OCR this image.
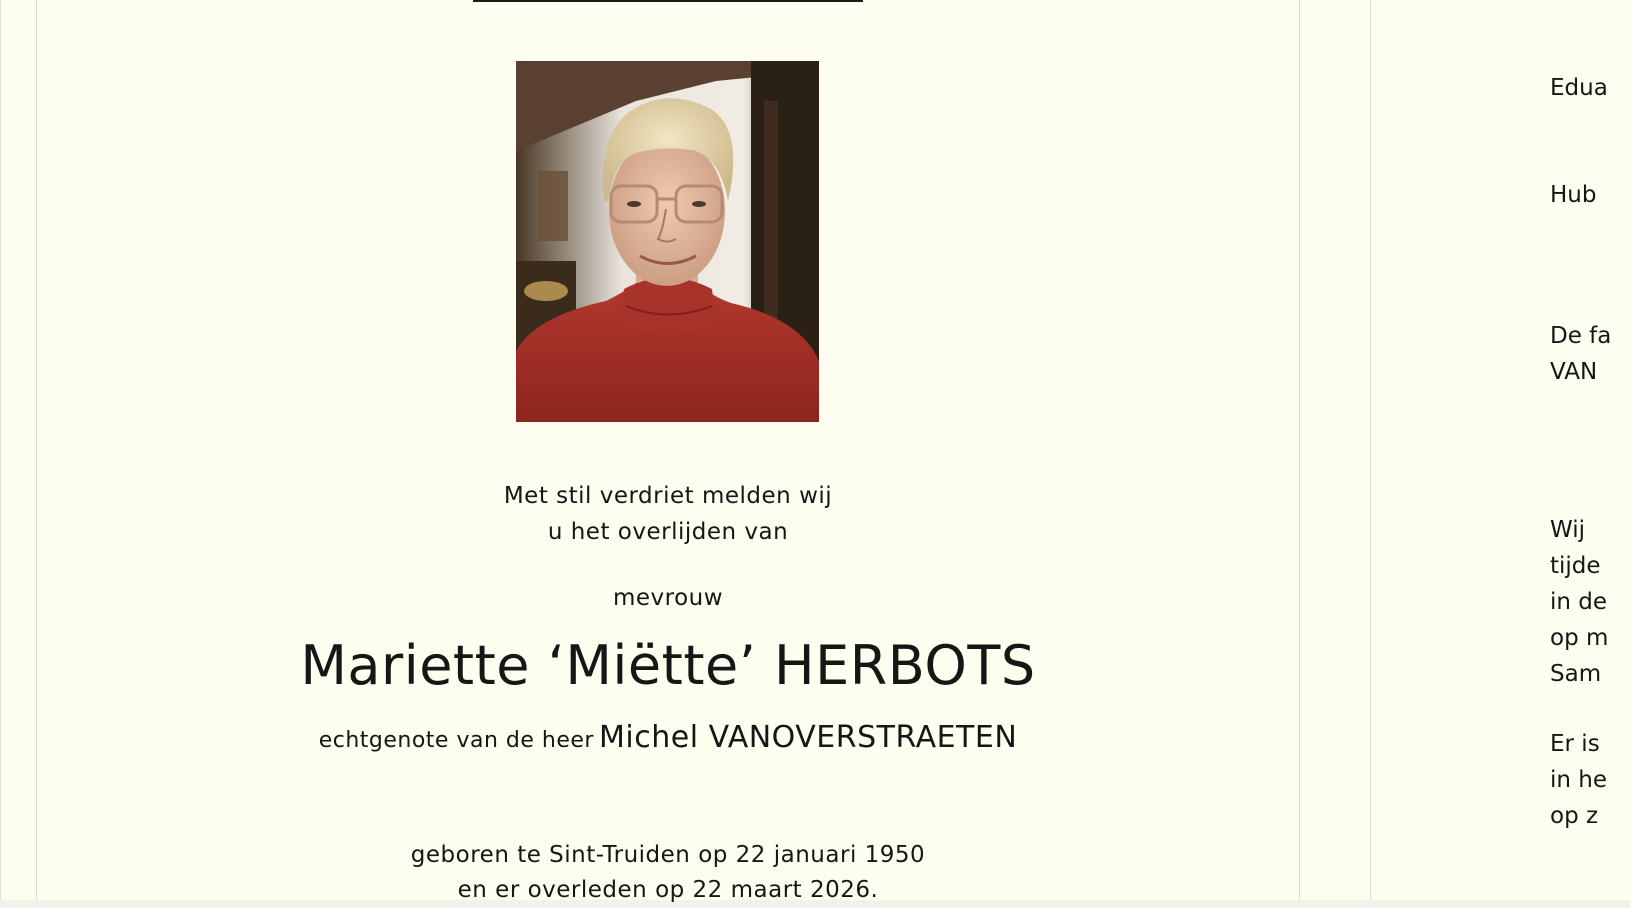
Met stil verdriet melden wij
u het overlijden van
mevrouw
Mariette ‘Miëtte’ HERBOTS
echtgenote van de heer Michel VANOVERSTRAETEN
geboren te Sint-Truiden op 22 januari 1950
en er overleden op 22 maart 2026.
Edua
Hub
De fa
VAN
Wij
tijde
in de
op m
Sam
Er is
in he
op z
